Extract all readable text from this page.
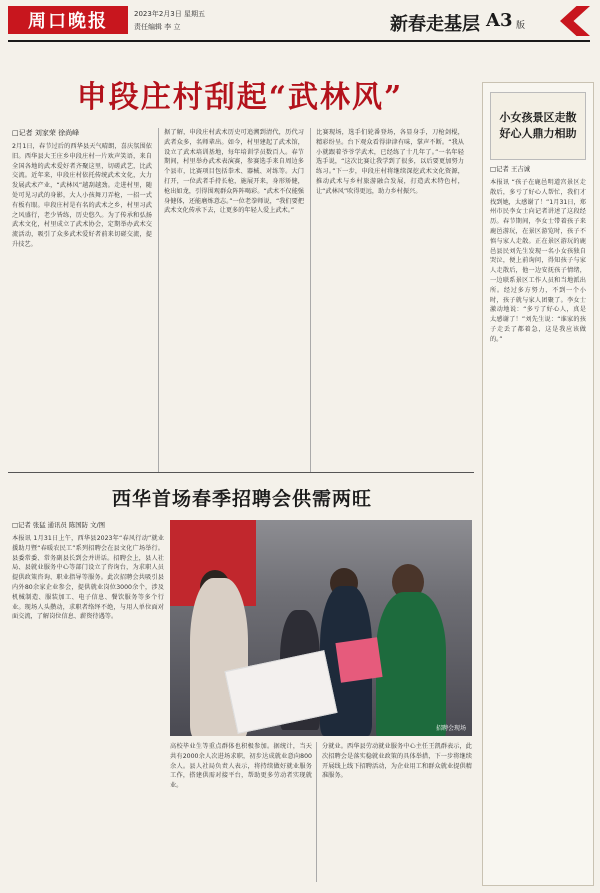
周口晚报	2023年2月3日 星期五
责任编辑 李 立	新春走基层 A3 版
申段庄村刮起“武林风”
□记者 刘家荣 徐尚峰
2月1日，春节过后的西华县天气晴朗，喜庆氛围依旧。西华县大王庄乡申段庄村一片欢声笑语，来自全国各地的武术爱好者齐聚这里，切磋武艺，比武交流。近年来，申段庄村依托传统武术文化，大力发展武术产业，“武林风”越刮越劲。走进村里，随处可见习武的身影，大人小孩舞刀弄枪，一招一式有板有眼。申段庄村是有名的武术之乡，村里习武之风盛行，老少皆练，历史悠久。为了传承和弘扬武术文化，村里成立了武术协会，定期举办武术交流活动，吸引了众多武术爱好者前来切磋交流，提升技艺。
据了解，申段庄村武术历史可追溯到清代，历代习武者众多，名师辈出。如今，村里建起了武术馆，设立了武术培训基地，每年培训学员数百人。春节期间，村里举办武术表演赛，参赛选手来自周边多个县市，比赛项目包括拳术、器械、对练等。大门打开，一位武者手持长枪，施展开来，身形矫健，枪出如龙，引得围观群众阵阵喝彩。“武术不仅能强身健体，还能磨炼意志。”一位老拳师说，“我们要把武术文化传承下去，让更多的年轻人爱上武术。”
比赛现场，选手们轮番登场，各显身手，刀枪剑棍，精彩纷呈。台下观众看得津津有味，掌声不断。“我从小就跟着爷爷学武术，已经练了十几年了。”一名年轻选手说，“这次比赛让我学到了很多，以后要更加努力练习。”下一步，申段庄村将继续深挖武术文化资源，推动武术与乡村旅游融合发展，打造武术特色村，让“武林风”吹得更远，助力乡村振兴。
西华首场春季招聘会供需两旺
□记者 张猛 通讯员 陈国防 文/图
本报讯 1月31日上午，西华县2023年“春风行动”就业援助月暨“春暖农民工”系列招聘会在县文化广场举行。县委常委、常务副县长到会并讲话。招聘会上，县人社局、县就业服务中心等部门设立了咨询台，为求职人员提供政策咨询、职业指导等服务。此次招聘会共吸引县内外80余家企业参会，提供就业岗位3000余个，涉及机械制造、服装加工、电子信息、餐饮服务等多个行业。现场人头攒动，求职者络绎不绝，与用人单位面对面交流，了解岗位信息、薪资待遇等。
招聘会现场
高校毕业生等重点群体也积极参加。据统计，当天共有2000余人次进场求职，初步达成就业意向800余人。县人社局负责人表示，将持续做好就业服务工作，搭建供需对接平台，帮助更多劳动者实现就业。
分就业。西华县劳动就业服务中心主任王凯群表示，此次招聘会是落实稳就业政策的具体举措，下一步将继续开展线上线下招聘活动，为企业用工和群众就业提供精准服务。
小女孩景区走散
好心人鼎力相助
□记者 王吉诚
本报讯 “孩子在鹿邑明道宫景区走散后，多亏了好心人帮忙，我们才找到她，太感谢了！”1月31日，郑州市民李女士向记者讲述了这段经历。春节期间，李女士带着孩子来鹿邑游玩，在景区游览时，孩子不慎与家人走散。正在景区游玩的鹿邑县民刘先生发现一名小女孩独自哭泣，便上前询问，得知孩子与家人走散后，他一边安抚孩子情绪，一边联系景区工作人员和当地派出所。经过多方努力，不到一个小时，孩子就与家人团聚了。李女士激动地说：“多亏了好心人，真是太感谢了！”刘先生说：“谁家的孩子走丢了都着急，这是我应该做的。”
